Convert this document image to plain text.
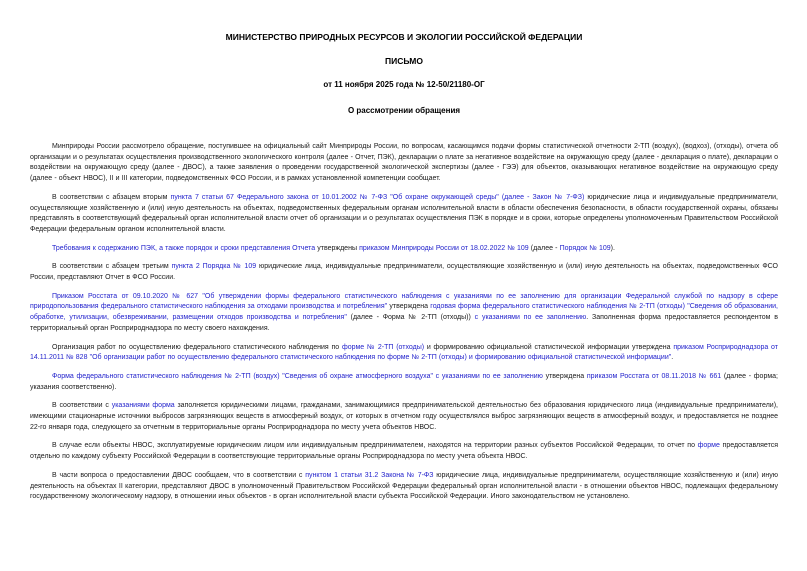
МИНИСТЕРСТВО ПРИРОДНЫХ РЕСУРСОВ И ЭКОЛОГИИ РОССИЙСКОЙ ФЕДЕРАЦИИ
ПИСЬМО
от 11 ноября 2025 года № 12-50/21180-ОГ
О рассмотрении обращения

Минприроды России рассмотрело обращение, поступившее на официальный сайт Минприроды России, по вопросам, касающимся подачи формы статистической отчетности 2-ТП (воздух), (водхоз), (отходы), отчета об организации и о результатах осуществления производственного экологического контроля (далее - Отчет, ПЭК), декларации о плате за негативное воздействие на окружающую среду (далее - декларация о плате), декларации о воздействии на окружающую среду (далее - ДВОС), а также заявления о проведении государственной экологической экспертизы (далее - ГЭЭ) для объектов, оказывающих негативное воздействие на окружающую среду (далее - объект НВОС), II и III категории, подведомственных ФСО России, и в рамках установленной компетенции сообщает.

В соответствии с абзацем вторым пункта 7 статьи 67 Федерального закона от 10.01.2002 № 7-ФЗ "Об охране окружающей среды" (далее - Закон № 7-ФЗ) юридические лица и индивидуальные предприниматели, осуществляющие хозяйственную и (или) иную деятельность на объектах, подведомственных федеральным органам исполнительной власти в области обеспечения безопасности, в области государственной охраны, обязаны представлять в соответствующий федеральный орган исполнительной власти отчет об организации и о результатах осуществления ПЭК в порядке и в сроки, которые определены уполномоченным Правительством Российской Федерации федеральным органом исполнительной власти.

Требования к содержанию ПЭК, а также порядок и сроки представления Отчета утверждены приказом Минприроды России от 18.02.2022 № 109 (далее - Порядок № 109).

В соответствии с абзацем третьим пункта 2 Порядка № 109 юридические лица, индивидуальные предприниматели, осуществляющие хозяйственную и (или) иную деятельность на объектах, подведомственных ФСО России, представляют Отчет в ФСО России.

Приказом Росстата от 09.10.2020 № 627 "Об утверждении формы федерального статистического наблюдения с указаниями по ее заполнению для организации Федеральной службой по надзору в сфере природопользования федерального статистического наблюдения за отходами производства и потребления" утверждена годовая форма федерального статистического наблюдения № 2-ТП (отходы) "Сведения об образовании, обработке, утилизации, обезвреживании, размещении отходов производства и потребления" (далее - Форма № 2-ТП (отходы)) с указаниями по ее заполнению. Заполненная форма предоставляется респондентом в территориальный орган Росприроднадзора по месту своего нахождения.

Организация работ по осуществлению федерального статистического наблюдения по форме № 2-ТП (отходы) и формированию официальной статистической информации утверждена приказом Росприроднадзора от 14.11.2011 № 828 "Об организации работ по осуществлению федерального статистического наблюдения по форме № 2-ТП (отходы) и формированию официальной статистической информации".

Форма федерального статистического наблюдения № 2-ТП (воздух) "Сведения об охране атмосферного воздуха" с указаниями по ее заполнению утверждена приказом Росстата от 08.11.2018 № 661 (далее - форма; указания соответственно).

В соответствии с указаниями форма заполняется юридическими лицами, гражданами, занимающимися предпринимательской деятельностью без образования юридического лица (индивидуальные предприниматели), имеющими стационарные источники выбросов загрязняющих веществ в атмосферный воздух, от которых в отчетном году осуществлялся выброс загрязняющих веществ в атмосферный воздух, и предоставляется не позднее 22-го января года, следующего за отчетным в территориальные органы Росприроднадзора по месту учета объектов НВОС.

В случае если объекты НВОС, эксплуатируемые юридическим лицом или индивидуальным предпринимателем, находятся на территории разных субъектов Российской Федерации, то отчет по форме предоставляется отдельно по каждому субъекту Российской Федерации в соответствующие территориальные органы Росприроднадзора по месту учета объекта НВОС.

В части вопроса о предоставлении ДВОС сообщаем, что в соответствии с пунктом 1 статьи 31.2 Закона № 7-ФЗ юридические лица, индивидуальные предприниматели, осуществляющие хозяйственную и (или) иную деятельность на объектах II категории, представляют ДВОС в уполномоченный Правительством Российской Федерации федеральный орган исполнительной власти - в отношении объектов НВОС, подлежащих федеральному государственному экологическому надзору, в отношении иных объектов - в орган исполнительной власти субъекта Российской Федерации. Иного законодательством не установлено.
